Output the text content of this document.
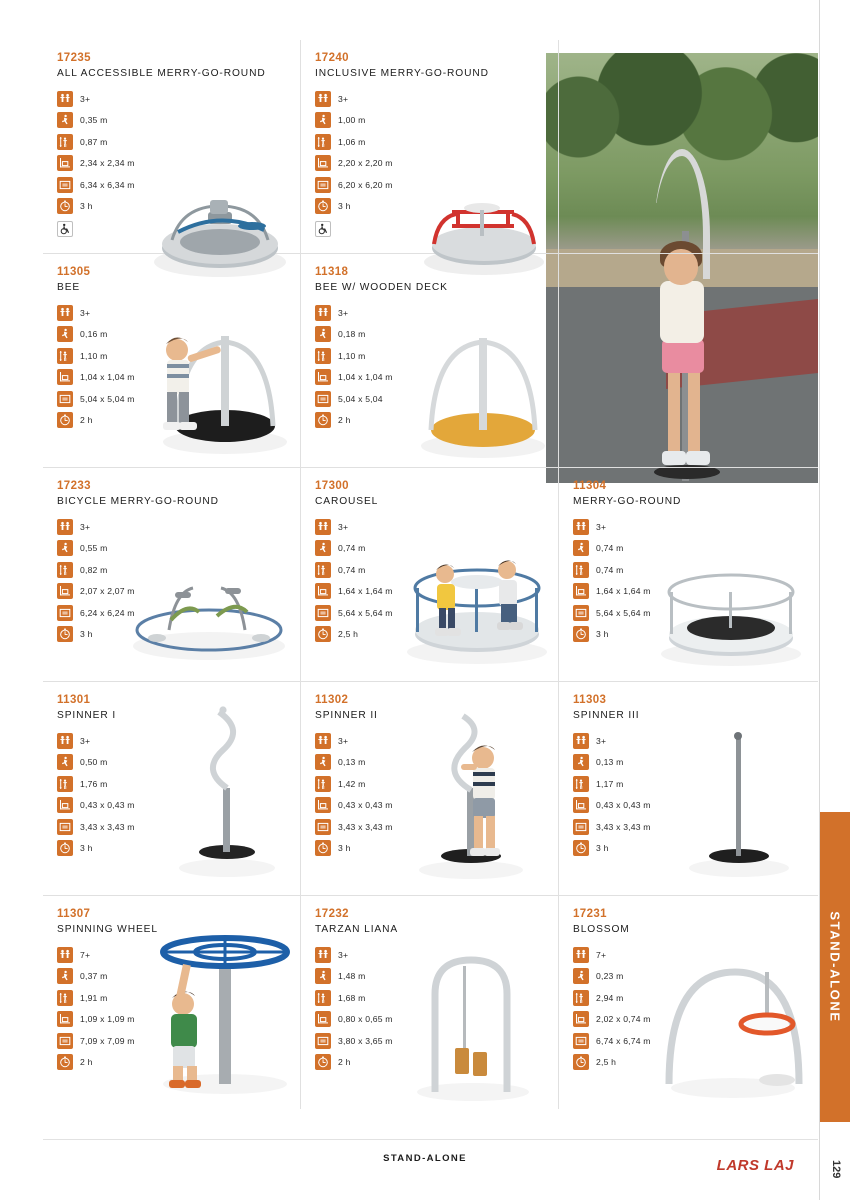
17235
ALL ACCESSIBLE MERRY-GO-ROUND
3+
0,35 m
0,87 m
2,34 x 2,34 m
6,34 x 6,34 m
3 h
17240
INCLUSIVE MERRY-GO-ROUND
3+
1,00 m
1,06 m
2,20 x 2,20 m
6,20 x 6,20 m
3 h
11305
BEE
3+
0,16 m
1,10 m
1,04 x 1,04 m
5,04 x 5,04 m
2 h
11318
BEE W/ WOODEN DECK
3+
0,18 m
1,10 m
1,04 x 1,04 m
5,04 x 5,04
2 h
17233
BICYCLE MERRY-GO-ROUND
3+
0,55 m
0,82 m
2,07 x 2,07 m
6,24 x 6,24 m
3 h
17300
CAROUSEL
3+
0,74 m
0,74 m
1,64 x 1,64 m
5,64 x 5,64 m
2,5 h
11304
MERRY-GO-ROUND
3+
0,74 m
0,74 m
1,64 x 1,64 m
5,64 x 5,64 m
3 h
11301
SPINNER I
3+
0,50 m
1,76 m
0,43 x 0,43 m
3,43 x 3,43 m
3 h
11302
SPINNER II
3+
0,13 m
1,42 m
0,43 x 0,43 m
3,43 x 3,43 m
3 h
11303
SPINNER III
3+
0,13 m
1,17 m
0,43 x 0,43 m
3,43 x 3,43 m
3 h
11307
SPINNING WHEEL
7+
0,37 m
1,91 m
1,09 x 1,09 m
7,09 x 7,09 m
2 h
17232
TARZAN LIANA
3+
1,48 m
1,68 m
0,80 x 0,65 m
3,80 x 3,65 m
2 h
17231
BLOSSOM
7+
0,23 m
2,94 m
2,02 x 0,74 m
6,74 x 6,74 m
2,5 h
STAND-ALONE	LARS LAJ	129
STAND-ALONE
